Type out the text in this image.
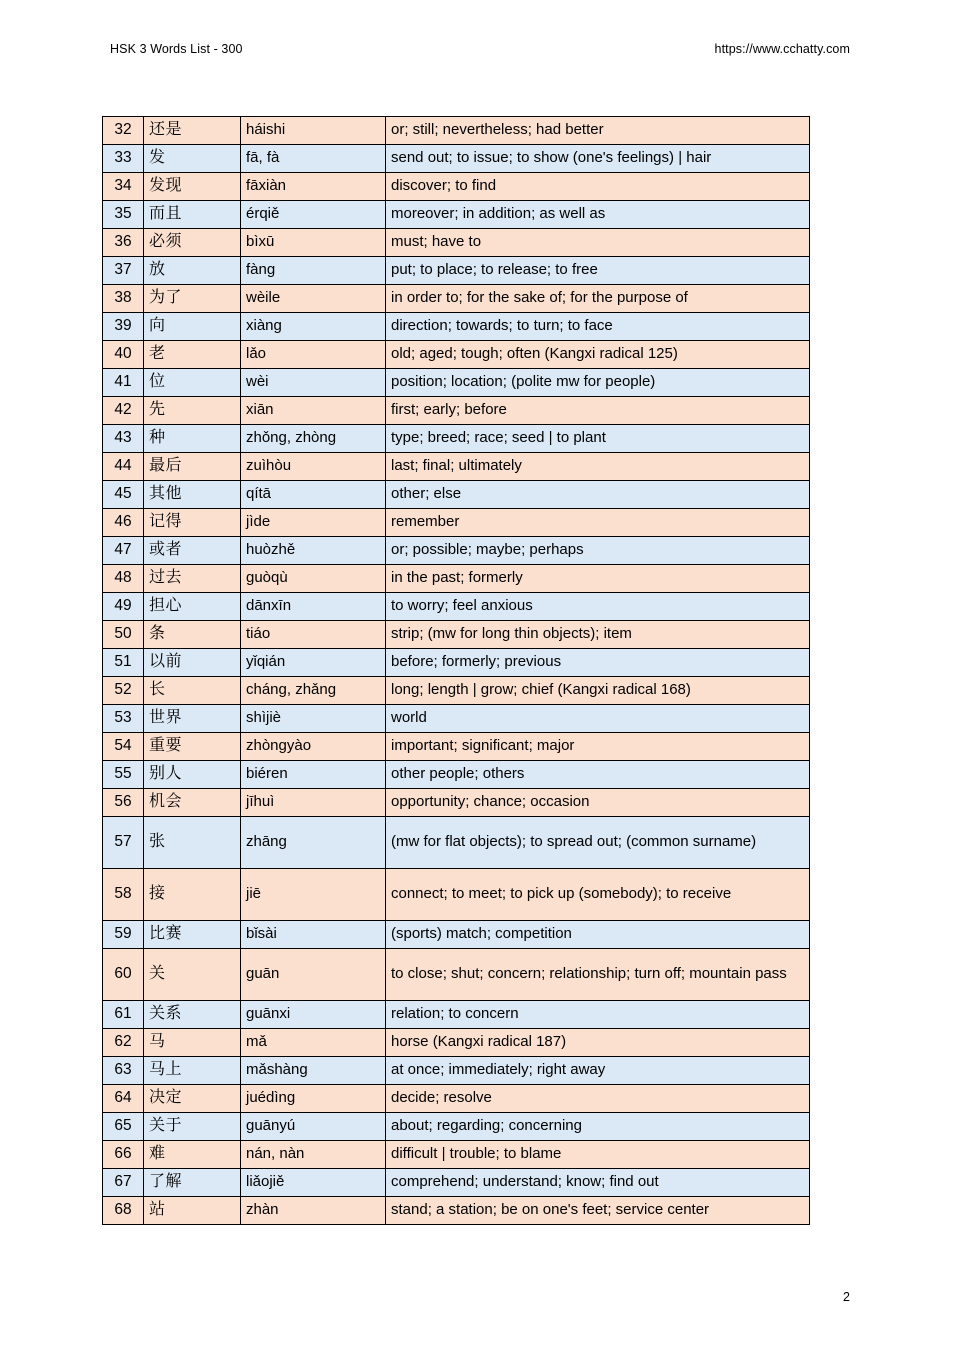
HSK 3 Words List - 300	https://www.cchatty.com
32	还是	háishi	or; still; nevertheless; had better
33	发	fā, fà	send out; to issue; to show (one's feelings) | hair
34	发现	fāxiàn	discover; to find
35	而且	érqiě	moreover; in addition; as well as
36	必须	bìxū	must; have to
37	放	fàng	put; to place; to release; to free
38	为了	wèile	in order to; for the sake of; for the purpose of
39	向	xiàng	direction; towards; to turn; to face
40	老	lǎo	old; aged; tough; often (Kangxi radical 125)
41	位	wèi	position; location; (polite mw for people)
42	先	xiān	first; early; before
43	种	zhǒng, zhòng	type; breed; race; seed | to plant
44	最后	zuìhòu	last; final; ultimately
45	其他	qítā	other; else
46	记得	jìde	remember
47	或者	huòzhě	or; possible; maybe; perhaps
48	过去	guòqù	in the past; formerly
49	担心	dānxīn	to worry; feel anxious
50	条	tiáo	strip; (mw for long thin objects); item
51	以前	yǐqián	before; formerly; previous
52	长	cháng, zhǎng	long; length | grow; chief (Kangxi radical 168)
53	世界	shìjiè	world
54	重要	zhòngyào	important; significant; major
55	别人	biéren	other people; others
56	机会	jīhuì	opportunity; chance; occasion
57	张	zhāng	(mw for flat objects); to spread out; (common surname)
58	接	jiē	connect; to meet; to pick up (somebody); to receive
59	比赛	bǐsài	(sports) match; competition
60	关	guān	to close; shut; concern; relationship; turn off; mountain pass
61	关系	guānxi	relation; to concern
62	马	mǎ	horse (Kangxi radical 187)
63	马上	mǎshàng	at once; immediately; right away
64	决定	juédìng	decide; resolve
65	关于	guānyú	about; regarding; concerning
66	难	nán, nàn	difficult | trouble; to blame
67	了解	liǎojiě	comprehend; understand; know; find out
68	站	zhàn	stand; a station; be on one's feet; service center
2
